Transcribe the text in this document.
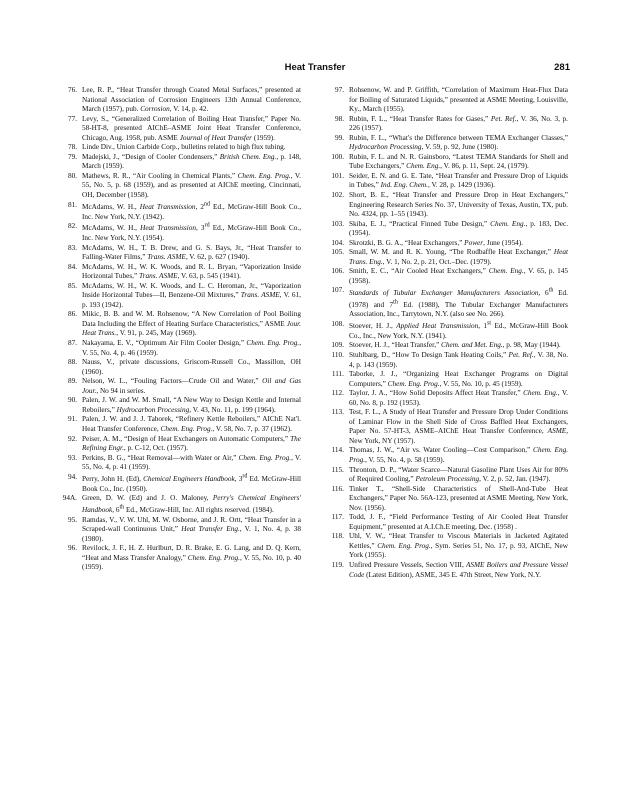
Heat Transfer	281

76. Lee, R. P., “Heat Transfer through Coated Metal Surfaces,” presented at National Association of Corrosion Engineers 13th Annual Conference, March (1957), pub. Corrosion, V. 14, p. 42.

77. Levy, S., “Generalized Correlation of Boiling Heat Transfer,” Paper No. 58-HT-8, presented AIChE–ASME Joint Heat Transfer Conference, Chicago, Aug. 1958, pub. ASME Journal of Heat Transfer (1959).

78. Linde Div., Union Carbide Corp., bulletins related to high flux tubing.

79. Madejski, J., “Design of Cooler Condensers,” British Chem. Eng., p. 148, March (1959).

80. Mathews, R. R., “Air Cooling in Chemical Plants,” Chem. Eng. Prog., V. 55, No. 5, p. 68 (1959), and as presented at AIChE meeting, Cincinnati, OH, December (1958).

81. McAdams, W. H., Heat Transmission, 2nd Ed., McGraw-Hill Book Co., Inc. New York, N.Y. (1942).

82. McAdams, W. H., Heat Transmission, 3rd Ed., McGraw-Hill Book Co., Inc. New York, N.Y. (1954).

83. McAdams, W. H., T. B. Drew, and G. S. Bays, Jr., “Heat Transfer to Falling-Water Films,” Trans. ASME, V. 62, p. 627 (1940).

84. McAdams, W. H., W. K. Woods, and R. L. Bryan, “Vaporization Inside Horizontal Tubes,” Trans. ASME, V. 63, p. 545 (1941).

85. McAdams, W. H., W. K. Woods, and L. C. Heroman, Jr., “Vaporization Inside Horizontal Tubes—II, Benzene-Oil Mixtures,” Trans. ASME, V. 61, p. 193 (1942).

86. Mikic, B. B. and W. M. Rohsenow, “A New Correlation of Pool Boiling Data Including the Effect of Heating Surface Characteristics,” ASME Jour. Heat Trans., V. 91, p. 245, May (1969).

87. Nakayama, E. V., “Optimum Air Film Cooler Design,” Chem. Eng. Prog., V. 55, No. 4, p. 46 (1959).

88. Nauss, V., private discussions, Griscom-Russell Co., Massillon, OH (1960).

89. Nelson, W. L., “Fouling Factors—Crude Oil and Water,” Oil and Gas Jour., No 94 in series.

90. Palen, J. W. and W. M. Small, “A New Way to Design Kettle and Internal Reboilers,” Hydrocarbon Processing, V. 43, No. 11, p. 199 (1964).

91. Palen, J. W. and J. J. Taborek, “Refinery Kettle Reboilers,” AIChE Nat'l. Heat Transfer Conference, Chem. Eng. Prog., V. 58, No. 7, p. 37 (1962).

92. Peiser, A. M., “Design of Heat Exchangers on Automatic Computers,” The Refining Engr., p. C-12, Oct. (1957).

93. Perkins, B. G., “Heat Removal—with Water or Air,” Chem. Eng. Prog., V. 55, No. 4, p. 41 (1959).

94. Perry, John H. (Ed), Chemical Engineers Handbook, 3rd Ed. McGraw-Hill Book Co., Inc. (1950).

94A. Green, D. W. (Ed) and J. O. Maloney, Perry's Chemical Engineers' Handbook, 6th Ed., McGraw-Hill, Inc. All rights reserved. (1984).

95. Ramdas, V., V. W. Uhl, M. W. Osborne, and J. R. Ortt, “Heat Transfer in a Scraped-wall Continuous Unit,” Heat Transfer Eng., V. 1, No. 4, p. 38 (1980).

96. Revilock, J. F., H. Z. Hurlburt, D. R. Brake, E. G. Lang, and D. Q. Kern, “Heat and Mass Transfer Analogy,” Chem. Eng. Prog., V. 55, No. 10, p. 40 (1959).

97. Rohsenow, W. and P. Griffith, “Correlation of Maximum Heat-Flux Data for Boiling of Saturated Liquids,” presented at ASME Meeting, Louisville, Ky., March (1955).

98. Rubin, F. L., “Heat Transfer Rates for Gases,” Pet. Ref., V. 36, No. 3, p. 226 (1957).

99. Rubin, F. L., “What's the Difference between TEMA Exchanger Classes,” Hydrocarbon Processing, V. 59, p. 92, June (1980).

100. Rubin, F. L. and N. R. Gainsboro, “Latest TEMA Standards for Shell and Tube Exchangers,” Chem. Eng., V. 86, p. 11, Sept. 24, (1979).

101. Seider, E. N. and G. E. Tate, “Heat Transfer and Pressure Drop of Liquids in Tubes,” Ind. Eng. Chem., V. 28, p. 1429 (1936).

102. Short, B. E., “Heat Transfer and Pressure Drop in Heat Exchangers,” Engineering Research Series No. 37, University of Texas, Austin, TX, pub. No. 4324, pp. 1–55 (1943).

103. Skiba, E. J., “Practical Finned Tube Design,” Chem. Eng., p. 183, Dec. (1954).

104. Skrotzki, B. G. A., “Heat Exchangers,” Power, June (1954).

105. Small, W. M. and R. K. Young, “The Rodbaffle Heat Exchanger,” Heat Trans. Eng., V. 1, No. 2, p. 21, Oct.–Dec. (1979).

106. Smith, E. C., “Air Cooled Heat Exchangers,” Chem. Eng., V. 65, p. 145 (1958).

107. Standards of Tubular Exchanger Manufacturers Association, 6th Ed. (1978) and 7th Ed. (1988), The Tubular Exchanger Manufacturers Association, Inc., Tarrytown, N.Y. (also see No. 266).

108. Stoever, H. J., Applied Heat Transmission, 1st Ed., McGraw-Hill Book Co., Inc., New York, N.Y. (1941).

109. Stoever, H. J., “Heat Transfer,” Chem. and Met. Eng., p. 98, May (1944).

110. Stuhlbarg, D., “How To Design Tank Heating Coils,” Pet. Ref., V. 38, No. 4, p. 143 (1959).

111. Taborke, J. J., “Organizing Heat Exchanger Programs on Digital Computers,” Chem. Eng. Prog., V. 55, No. 10, p. 45 (1959).

112. Taylor, J. A., “How Solid Deposits Affect Heat Transfer,” Chem. Eng., V. 60, No. 8, p. 192 (1953).

113. Test, F. L., A Study of Heat Transfer and Pressure Drop Under Conditions of Laminar Flow in the Shell Side of Cross Baffled Heat Exchangers, Paper No. 57-HT-3, ASME–AIChE Heat Transfer Conference, ASME, New York, NY (1957).

114. Thomas, J. W., “Air vs. Water Cooling—Cost Comparison,” Chem. Eng. Prog., V. 55, No. 4, p. 58 (1959).

115. Thronton, D. P., “Water Scarce—Natural Gasoline Plant Uses Air for 80% of Required Cooling,” Petroleum Processing, V. 2, p. 52, Jan. (1947).

116. Tinker T., “Shell-Side Characteristics of Shell-And-Tube Heat Exchangers,” Paper No. 56A-123, presented at ASME Meeting, New York, Nov. (1956).

117. Todd, J. F., “Field Performance Testing of Air Cooled Heat Transfer Equipment,” presented at A.I.Ch.E meeting, Dec. (1958) .

118. Uhl, V. W., “Heat Transfer to Viscous Materials in Jacketed Agitated Kettles,” Chem. Eng. Prog., Sym. Series 51, No. 17, p. 93, AIChE, New York (1955).

119. Unfired Pressure Vessels, Section VIII, ASME Boilers and Pressure Vessel Code (Latest Edition), ASME, 345 E. 47th Street, New York, N.Y.
